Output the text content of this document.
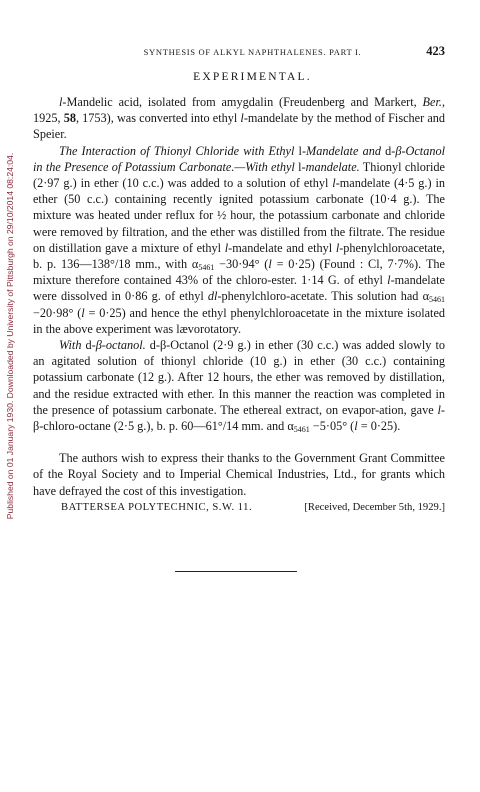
Published on 01 January 1930. Downloaded by University of Pittsburgh on 29/10/2014 08:24:04.
SYNTHESIS OF ALKYL NAPHTHALENES. PART I.	423
EXPERIMENTAL.

l-Mandelic acid, isolated from amygdalin (Freudenberg and Markert, Ber., 1925, 58, 1753), was converted into ethyl l-mandelate by the method of Fischer and Speier.

The Interaction of Thionyl Chloride with Ethyl l-Mandelate and d-β-Octanol in the Presence of Potassium Carbonate.—With ethyl l-mandelate. Thionyl chloride (2·97 g.) in ether (10 c.c.) was added to a solution of ethyl l-mandelate (4·5 g.) in ether (50 c.c.) containing recently ignited potassium carbonate (10·4 g.). The mixture was heated under reflux for ½ hour, the potassium carbonate and chloride were removed by filtration, and the ether was distilled from the filtrate. The residue on distillation gave a mixture of ethyl l-mandelate and ethyl l-phenylchloroacetate, b. p. 136—138°/18 mm., with $\alpha_{5461} -30\cdot 94^\circ$ (l = 0·25) (Found : Cl, 7·7%). The mixture therefore contained 43% of the chloro-ester. 1·14 G. of ethyl l-mandelate were dissolved in 0·86 g. of ethyl dl-phenylchloro-acetate. This solution had $\alpha_{5461} -20\cdot 98^\circ$ (l = 0·25) and hence the ethyl phenylchloroacetate in the mixture isolated in the above experiment was lævorotatory.

With d-β-octanol. d-β-Octanol (2·9 g.) in ether (30 c.c.) was added slowly to an agitated solution of thionyl chloride (10 g.) in ether (30 c.c.) containing potassium carbonate (12 g.). After 12 hours, the ether was removed by distillation, and the residue extracted with ether. In this manner the reaction was completed in the presence of potassium carbonate. The ethereal extract, on evapor-ation, gave l-β-chloro-octane (2·5 g.), b. p. 60—61°/14 mm. and $\alpha_{5461} -5\cdot 05^\circ$ (l = 0·25).

The authors wish to express their thanks to the Government Grant Committee of the Royal Society and to Imperial Chemical Industries, Ltd., for grants which have defrayed the cost of this investigation.

BATTERSEA POLYTECHNIC, S.W. 11.	[Received, December 5th, 1929.]
